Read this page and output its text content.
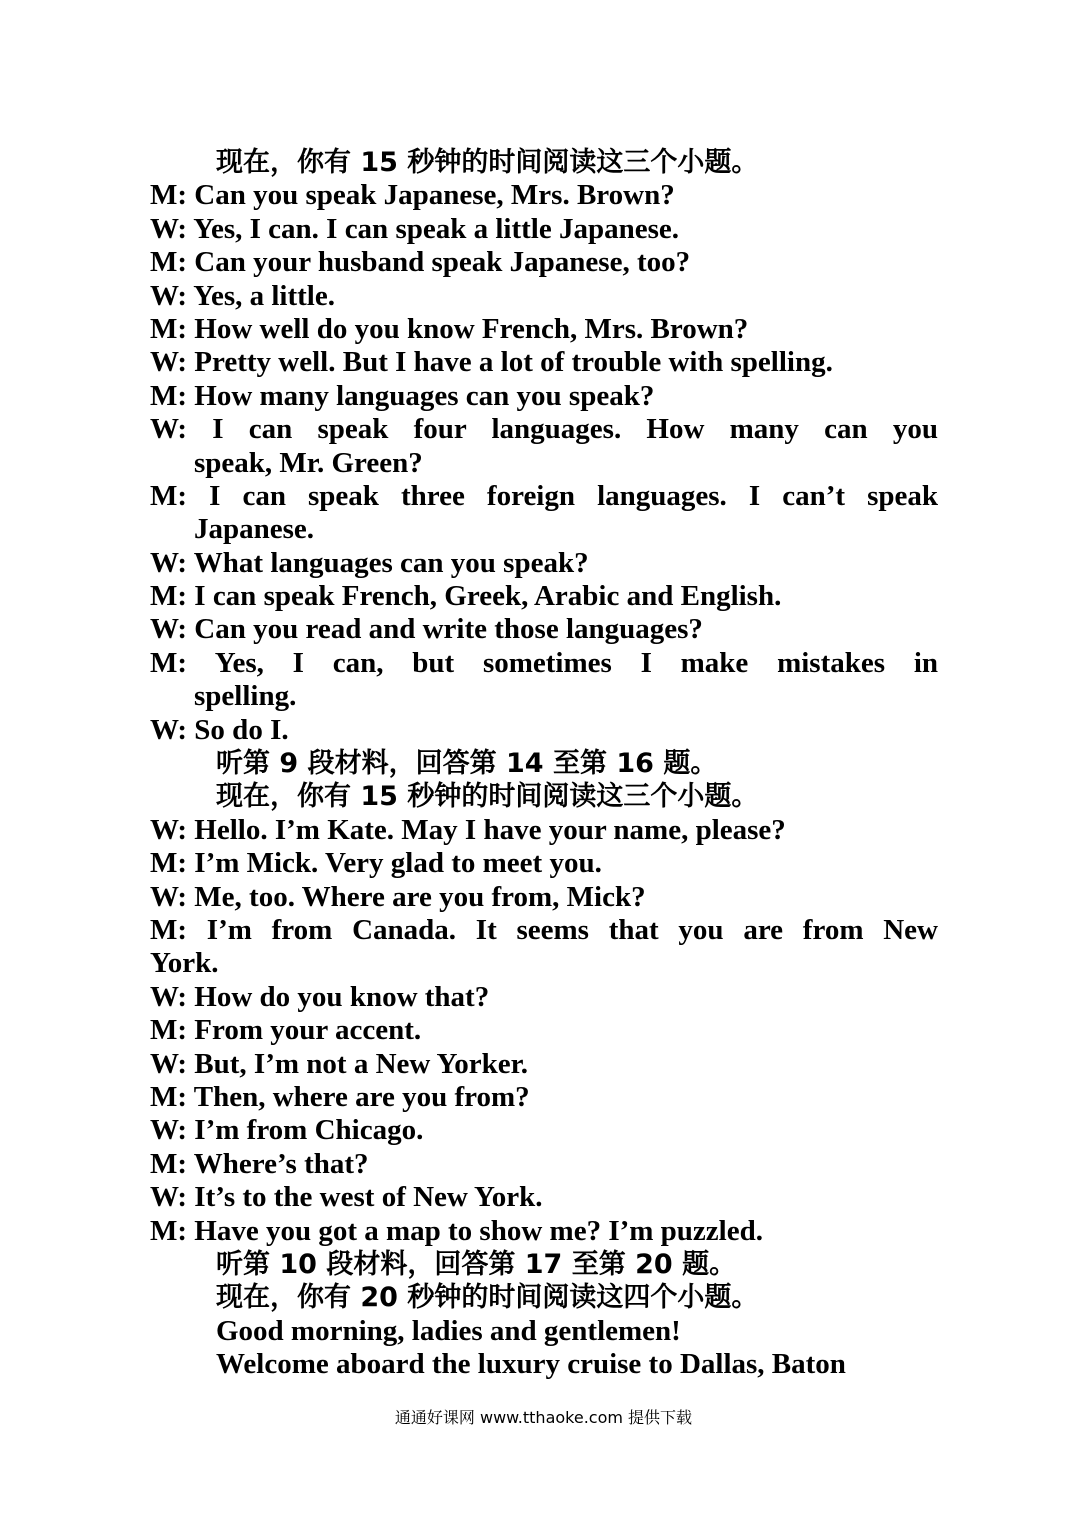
现在，你有 15 秒钟的时间阅读这三个小题。
M: Can you speak Japanese, Mrs. Brown?
W: Yes, I can. I can speak a little Japanese.
M: Can your husband speak Japanese, too?
W: Yes, a little.
M: How well do you know French, Mrs. Brown?
W: Pretty well. But I have a lot of trouble with spelling.
M: How many languages can you speak?
W: I can speak four languages. How many can you
speak, Mr. Green?
M: I can speak three foreign languages. I can’t speak
Japanese.
W: What languages can you speak?
M: I can speak French, Greek, Arabic and English.
W: Can you read and write those languages?
M: Yes, I can, but sometimes I make mistakes in
spelling.
W: So do I.
听第 9 段材料，回答第 14 至第 16 题。
现在，你有 15 秒钟的时间阅读这三个小题。
W: Hello. I’m Kate. May I have your name, please?
M: I’m Mick. Very glad to meet you.
W: Me, too. Where are you from, Mick?
M: I’m from Canada. It seems that you are from New
York.
W: How do you know that?
M: From your accent.
W: But, I’m not a New Yorker.
M: Then, where are you from?
W: I’m from Chicago.
M: Where’s that?
W: It’s to the west of New York.
M: Have you got a map to show me? I’m puzzled.
听第 10 段材料，回答第 17 至第 20 题。
现在，你有 20 秒钟的时间阅读这四个小题。
Good morning, ladies and gentlemen!
Welcome aboard the luxury cruise to Dallas, Baton
通通好课网 www.tthaoke.com 提供下载
